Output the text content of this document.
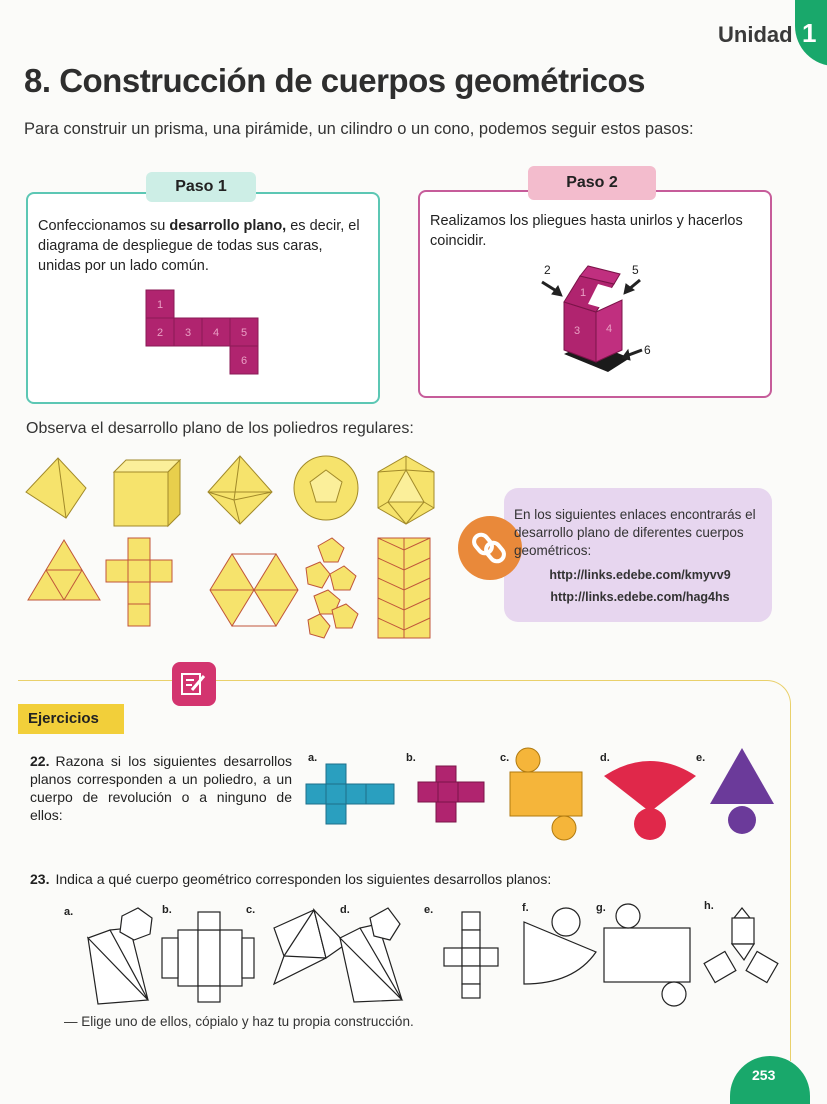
Unidad 1
8. Construcción de cuerpos geométricos
Para construir un prisma, una pirámide, un cilindro o un cono, podemos seguir estos pasos:
Paso 1
Confeccionamos su desarrollo plano, es decir, el diagrama de despliegue de todas sus caras, unidas por un lado común.
1
2 3 4 5
6
Paso 2
Realizamos los pliegues hasta unirlos y hacerlos coincidir.
2	5
6
1
3 4
Observa el desarrollo plano de los poliedros regulares:
En los siguientes enlaces encontrarás el desarrollo plano de diferentes cuerpos geométricos:
http://links.edebe.com/kmyvv9
http://links.edebe.com/hag4hs
Ejercicios
22. Razona si los siguientes desarrollos planos corresponden a un poliedro, a un cuerpo de revolución o a ninguno de ellos:
a.	b.	c.	d.	e.
23. Indica a qué cuerpo geométrico corresponden los siguientes desarrollos planos:
a.	b.	c.	d.	e.	f.	g.	h.
— Elige uno de ellos, cópialo y haz tu propia construcción.
253
